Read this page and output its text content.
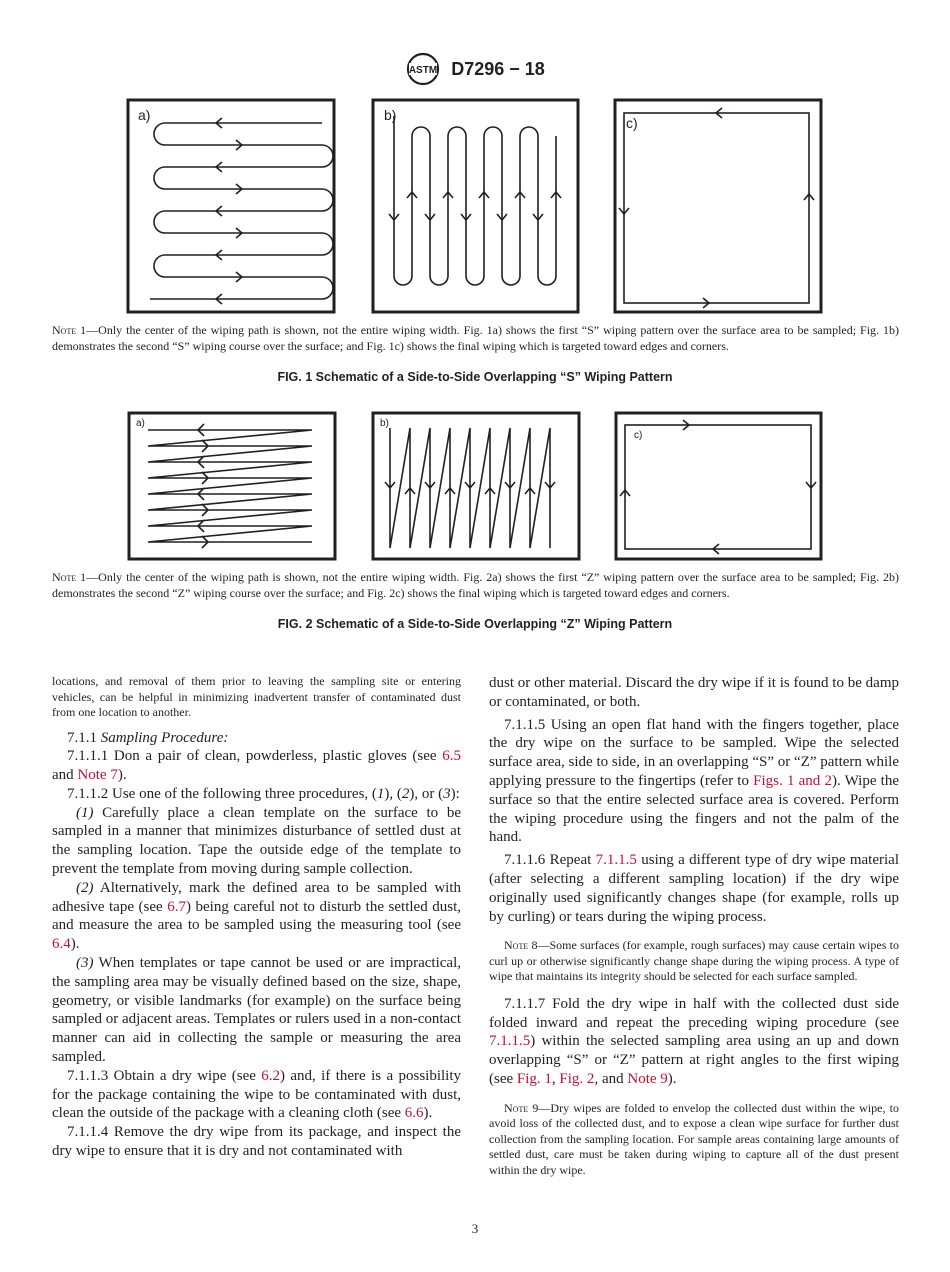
ASTM D7296 − 18
a)	b)	c)
Note 1—Only the center of the wiping path is shown, not the entire wiping width. Fig. 1a) shows the first “S” wiping pattern over the surface area to be sampled; Fig. 1b) demonstrates the second “S” wiping course over the surface; and Fig. 1c) shows the final wiping which is targeted toward edges and corners.
FIG. 1 Schematic of a Side-to-Side Overlapping “S” Wiping Pattern
a)	b)
c)
Note 1—Only the center of the wiping path is shown, not the entire wiping width. Fig. 2a) shows the first “Z” wiping pattern over the surface area to be sampled; Fig. 2b) demonstrates the second “Z” wiping course over the surface; and Fig. 2c) shows the final wiping which is targeted toward edges and corners.
FIG. 2 Schematic of a Side-to-Side Overlapping “Z” Wiping Pattern

locations, and removal of them prior to leaving the sampling site or entering vehicles, can be helpful in minimizing inadvertent transfer of contaminated dust from one location to another.

7.1.1 Sampling Procedure:

7.1.1.1 Don a pair of clean, powderless, plastic gloves (see 6.5 and Note 7).

7.1.1.2 Use one of the following three procedures, (1), (2), or (3):

(1) Carefully place a clean template on the surface to be sampled in a manner that minimizes disturbance of settled dust at the sampling location. Tape the outside edge of the template to prevent the template from moving during sample collection.

(2) Alternatively, mark the defined area to be sampled with adhesive tape (see 6.7) being careful not to disturb the settled dust, and measure the area to be sampled using the measuring tool (see 6.4).

(3) When templates or tape cannot be used or are impractical, the sampling area may be visually defined based on the size, shape, geometry, or visible landmarks (for example) on the surface being sampled or adjacent areas. Templates or rulers used in a non-contact manner can aid in collecting the sample or measuring the area sampled.

7.1.1.3 Obtain a dry wipe (see 6.2) and, if there is a possibility for the package containing the wipe to be contaminated with dust, clean the outside of the package with a cleaning cloth (see 6.6).

7.1.1.4 Remove the dry wipe from its package, and inspect the dry wipe to ensure that it is dry and not contaminated with

dust or other material. Discard the dry wipe if it is found to be damp or contaminated, or both.

7.1.1.5 Using an open flat hand with the fingers together, place the dry wipe on the surface to be sampled. Wipe the selected surface area, side to side, in an overlapping “S” or “Z” pattern while applying pressure to the fingertips (refer to Figs. 1 and 2). Wipe the surface so that the entire selected surface area is covered. Perform the wiping procedure using the fingers and not the palm of the hand.

7.1.1.6 Repeat 7.1.1.5 using a different type of dry wipe material (after selecting a different sampling location) if the dry wipe originally used significantly changes shape (for example, rolls up by curling) or tears during the wiping process.

Note 8—Some surfaces (for example, rough surfaces) may cause certain wipes to curl up or otherwise significantly change shape during the wiping process. A type of wipe that maintains its integrity should be selected for each surface sampled.

7.1.1.7 Fold the dry wipe in half with the collected dust side folded inward and repeat the preceding wiping procedure (see 7.1.1.5) within the selected sampling area using an up and down overlapping “S” or “Z” pattern at right angles to the first wiping (see Fig. 1, Fig. 2, and Note 9).

Note 9—Dry wipes are folded to envelop the collected dust within the wipe, to avoid loss of the collected dust, and to expose a clean wipe surface for further dust collection from the sampling location. For sample areas containing large amounts of settled dust, care must be taken during wiping to capture all of the dust present within the dry wipe.

3
